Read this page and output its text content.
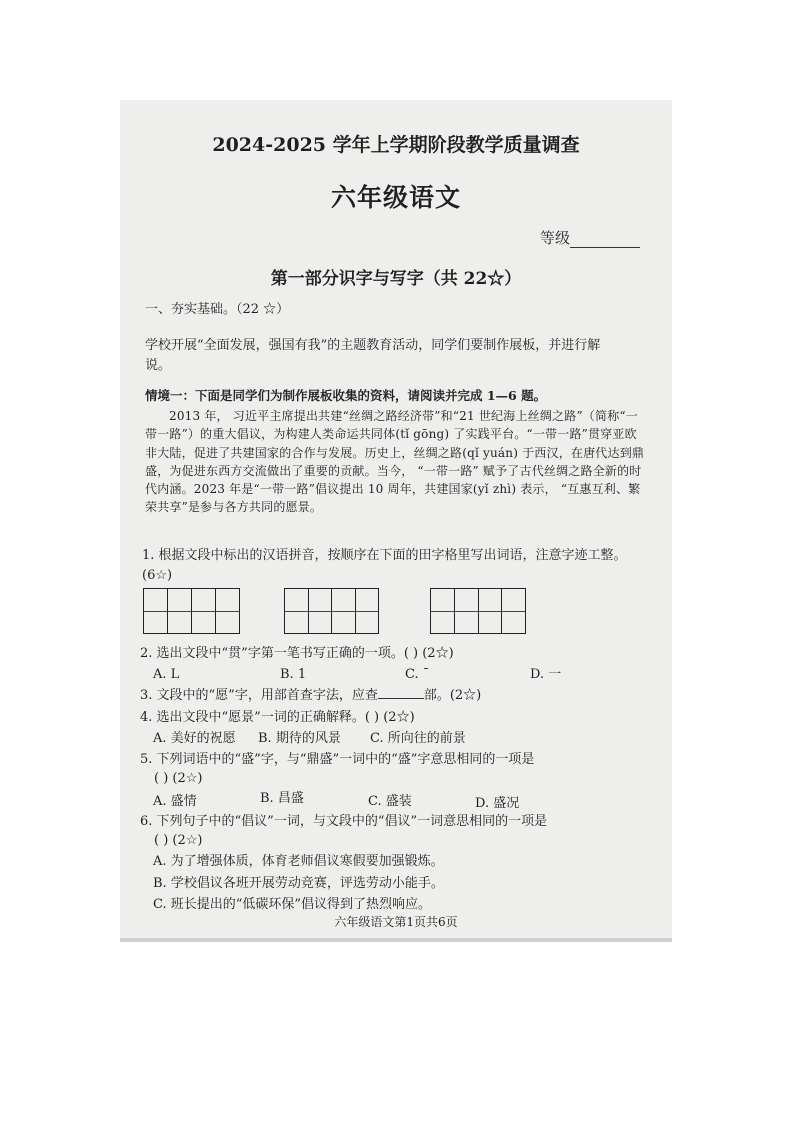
2024-2025 学年上学期阶段教学质量调查
六年级语文
等级
第一部分识字与写字（共 22☆）
一、夯实基础。（22 ☆）
学校开展“全面发展，强国有我”的主题教育活动，同学们要制作展板，并进行解
说。
情境一：下面是同学们为制作展板收集的资料，请阅读并完成 1—6 题。
2013 年， 习近平主席提出共建“丝绸之路经济带”和“21 世纪海上丝绸之路”（简称“一带一路”）的重大倡议，为构建人类命运共同体(tǐ gōng) 了实践平台。“一带一路”贯穿亚欧非大陆，促进了共建国家的合作与发展。历史上，丝绸之路(qǐ yuán) 于西汉，在唐代达到鼎盛，为促进东西方交流做出了重要的贡献。当今， “一带一路” 赋予了古代丝绸之路全新的时代内涵。2023 年是“一带一路”倡议提出 10 周年，共建国家(yǐ zhì) 表示， “互惠互利、繁荣共享”是参与各方共同的愿景。
1. 根据文段中标出的汉语拼音，按顺序在下面的田字格里写出词语，注意字迹工整。
(6☆)
2. 选出文段中“贯”字第一笔书写正确的一项。( ) (2☆)
A. L	B. 1	C. ¯	D. 一
3. 文段中的“愿”字，用部首查字法，应查	部。(2☆)
4. 选出文段中“愿景”一词的正确解释。( ) (2☆)
A. 美好的祝愿 B. 期待的风景 C. 所向往的前景
5. 下列词语中的“盛”字，与“鼎盛”一词中的“盛”字意思相同的一项是
( ) (2☆)
A. 盛情	B. 昌盛	C. 盛装	D. 盛况
6. 下列句子中的“倡议”一词，与文段中的“倡议”一词意思相同的一项是
( ) (2☆)
A. 为了增强体质，体育老师倡议寒假要加强锻炼。
B. 学校倡议各班开展劳动竞赛，评选劳动小能手。
C. 班长提出的“低碳环保”倡议得到了热烈响应。
六年级语文第1页共6页
